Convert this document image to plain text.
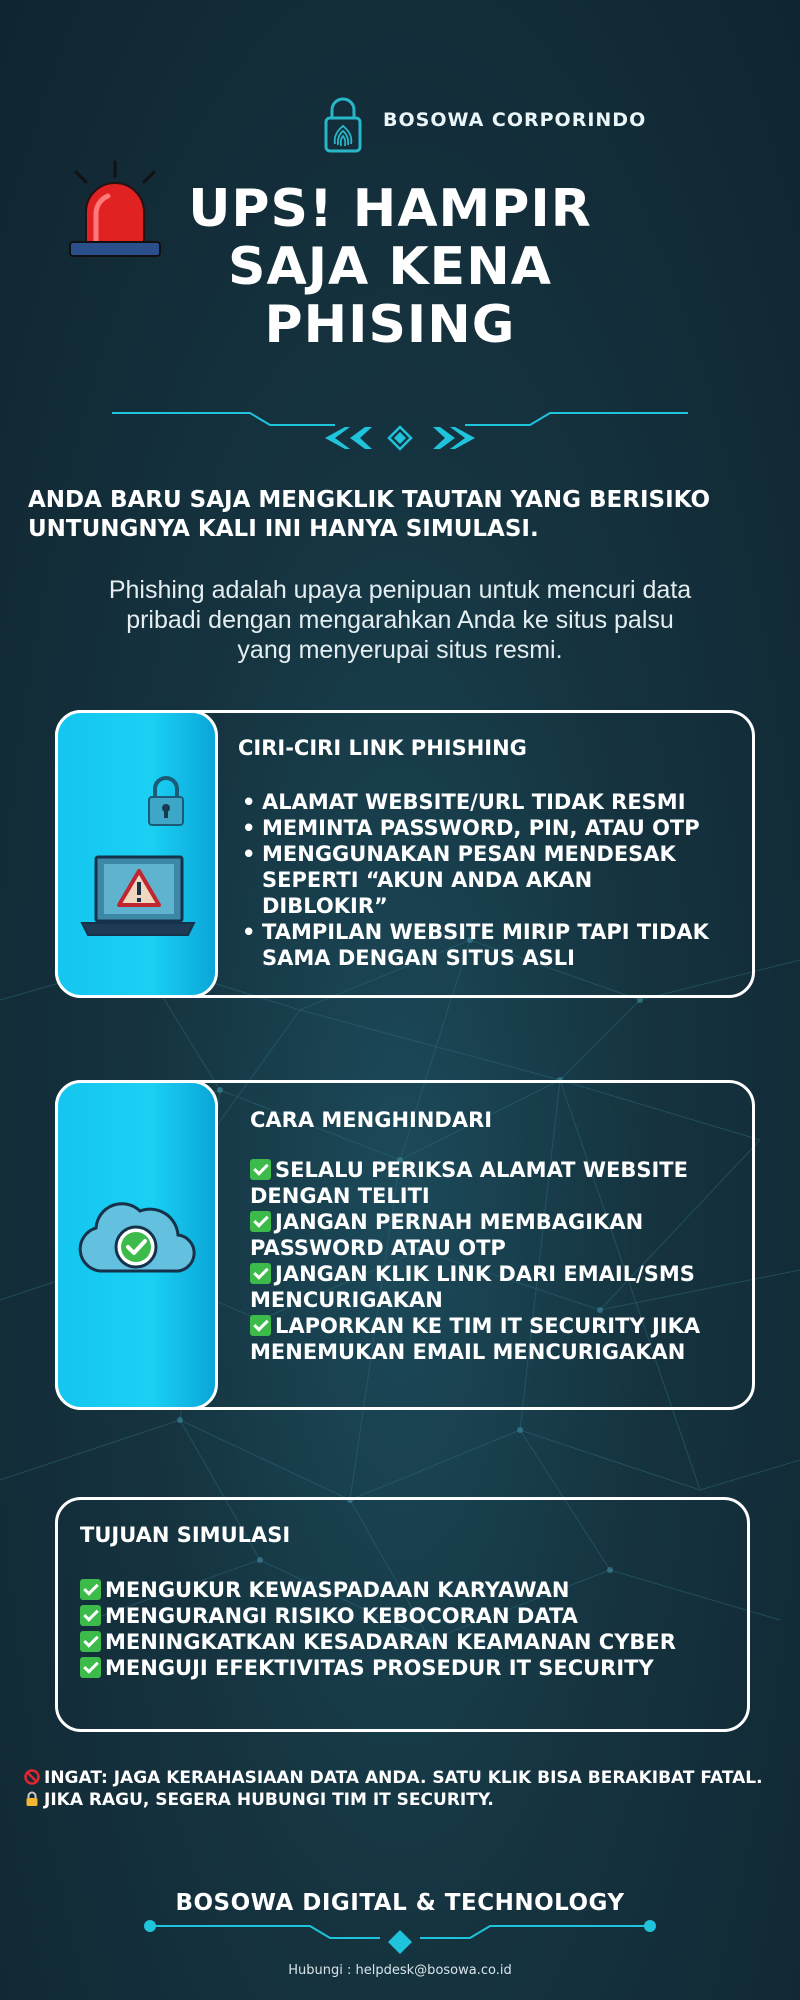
BOSOWA CORPORINDO
UPS! HAMPIR
SAJA KENA
PHISING
ANDA BARU SAJA MENGKLIK TAUTAN YANG BERISIKO
UNTUNGNYA KALI INI HANYA SIMULASI.
Phishing adalah upaya penipuan untuk mencuri data
pribadi dengan mengarahkan Anda ke situs palsu
yang menyerupai situs resmi.
CIRI-CIRI LINK PHISHING
• ALAMAT WEBSITE/URL TIDAK RESMI
• MEMINTA PASSWORD, PIN, ATAU OTP
• MENGGUNAKAN PESAN MENDESAK
SEPERTI “AKUN ANDA AKAN
DIBLOKIR”
• TAMPILAN WEBSITE MIRIP TAPI TIDAK
SAMA DENGAN SITUS ASLI
CARA MENGHINDARI
SELALU PERIKSA ALAMAT WEBSITE
DENGAN TELITI
JANGAN PERNAH MEMBAGIKAN
PASSWORD ATAU OTP
JANGAN KLIK LINK DARI EMAIL/SMS
MENCURIGAKAN
LAPORKAN KE TIM IT SECURITY JIKA
MENEMUKAN EMAIL MENCURIGAKAN
TUJUAN SIMULASI
MENGUKUR KEWASPADAAN KARYAWAN
MENGURANGI RISIKO KEBOCORAN DATA
MENINGKATKAN KESADARAN KEAMANAN CYBER
MENGUJI EFEKTIVITAS PROSEDUR IT SECURITY
INGAT: JAGA KERAHASIAAN DATA ANDA. SATU KLIK BISA BERAKIBAT FATAL.
JIKA RAGU, SEGERA HUBUNGI TIM IT SECURITY.
BOSOWA DIGITAL & TECHNOLOGY
Hubungi : helpdesk@bosowa.co.id
